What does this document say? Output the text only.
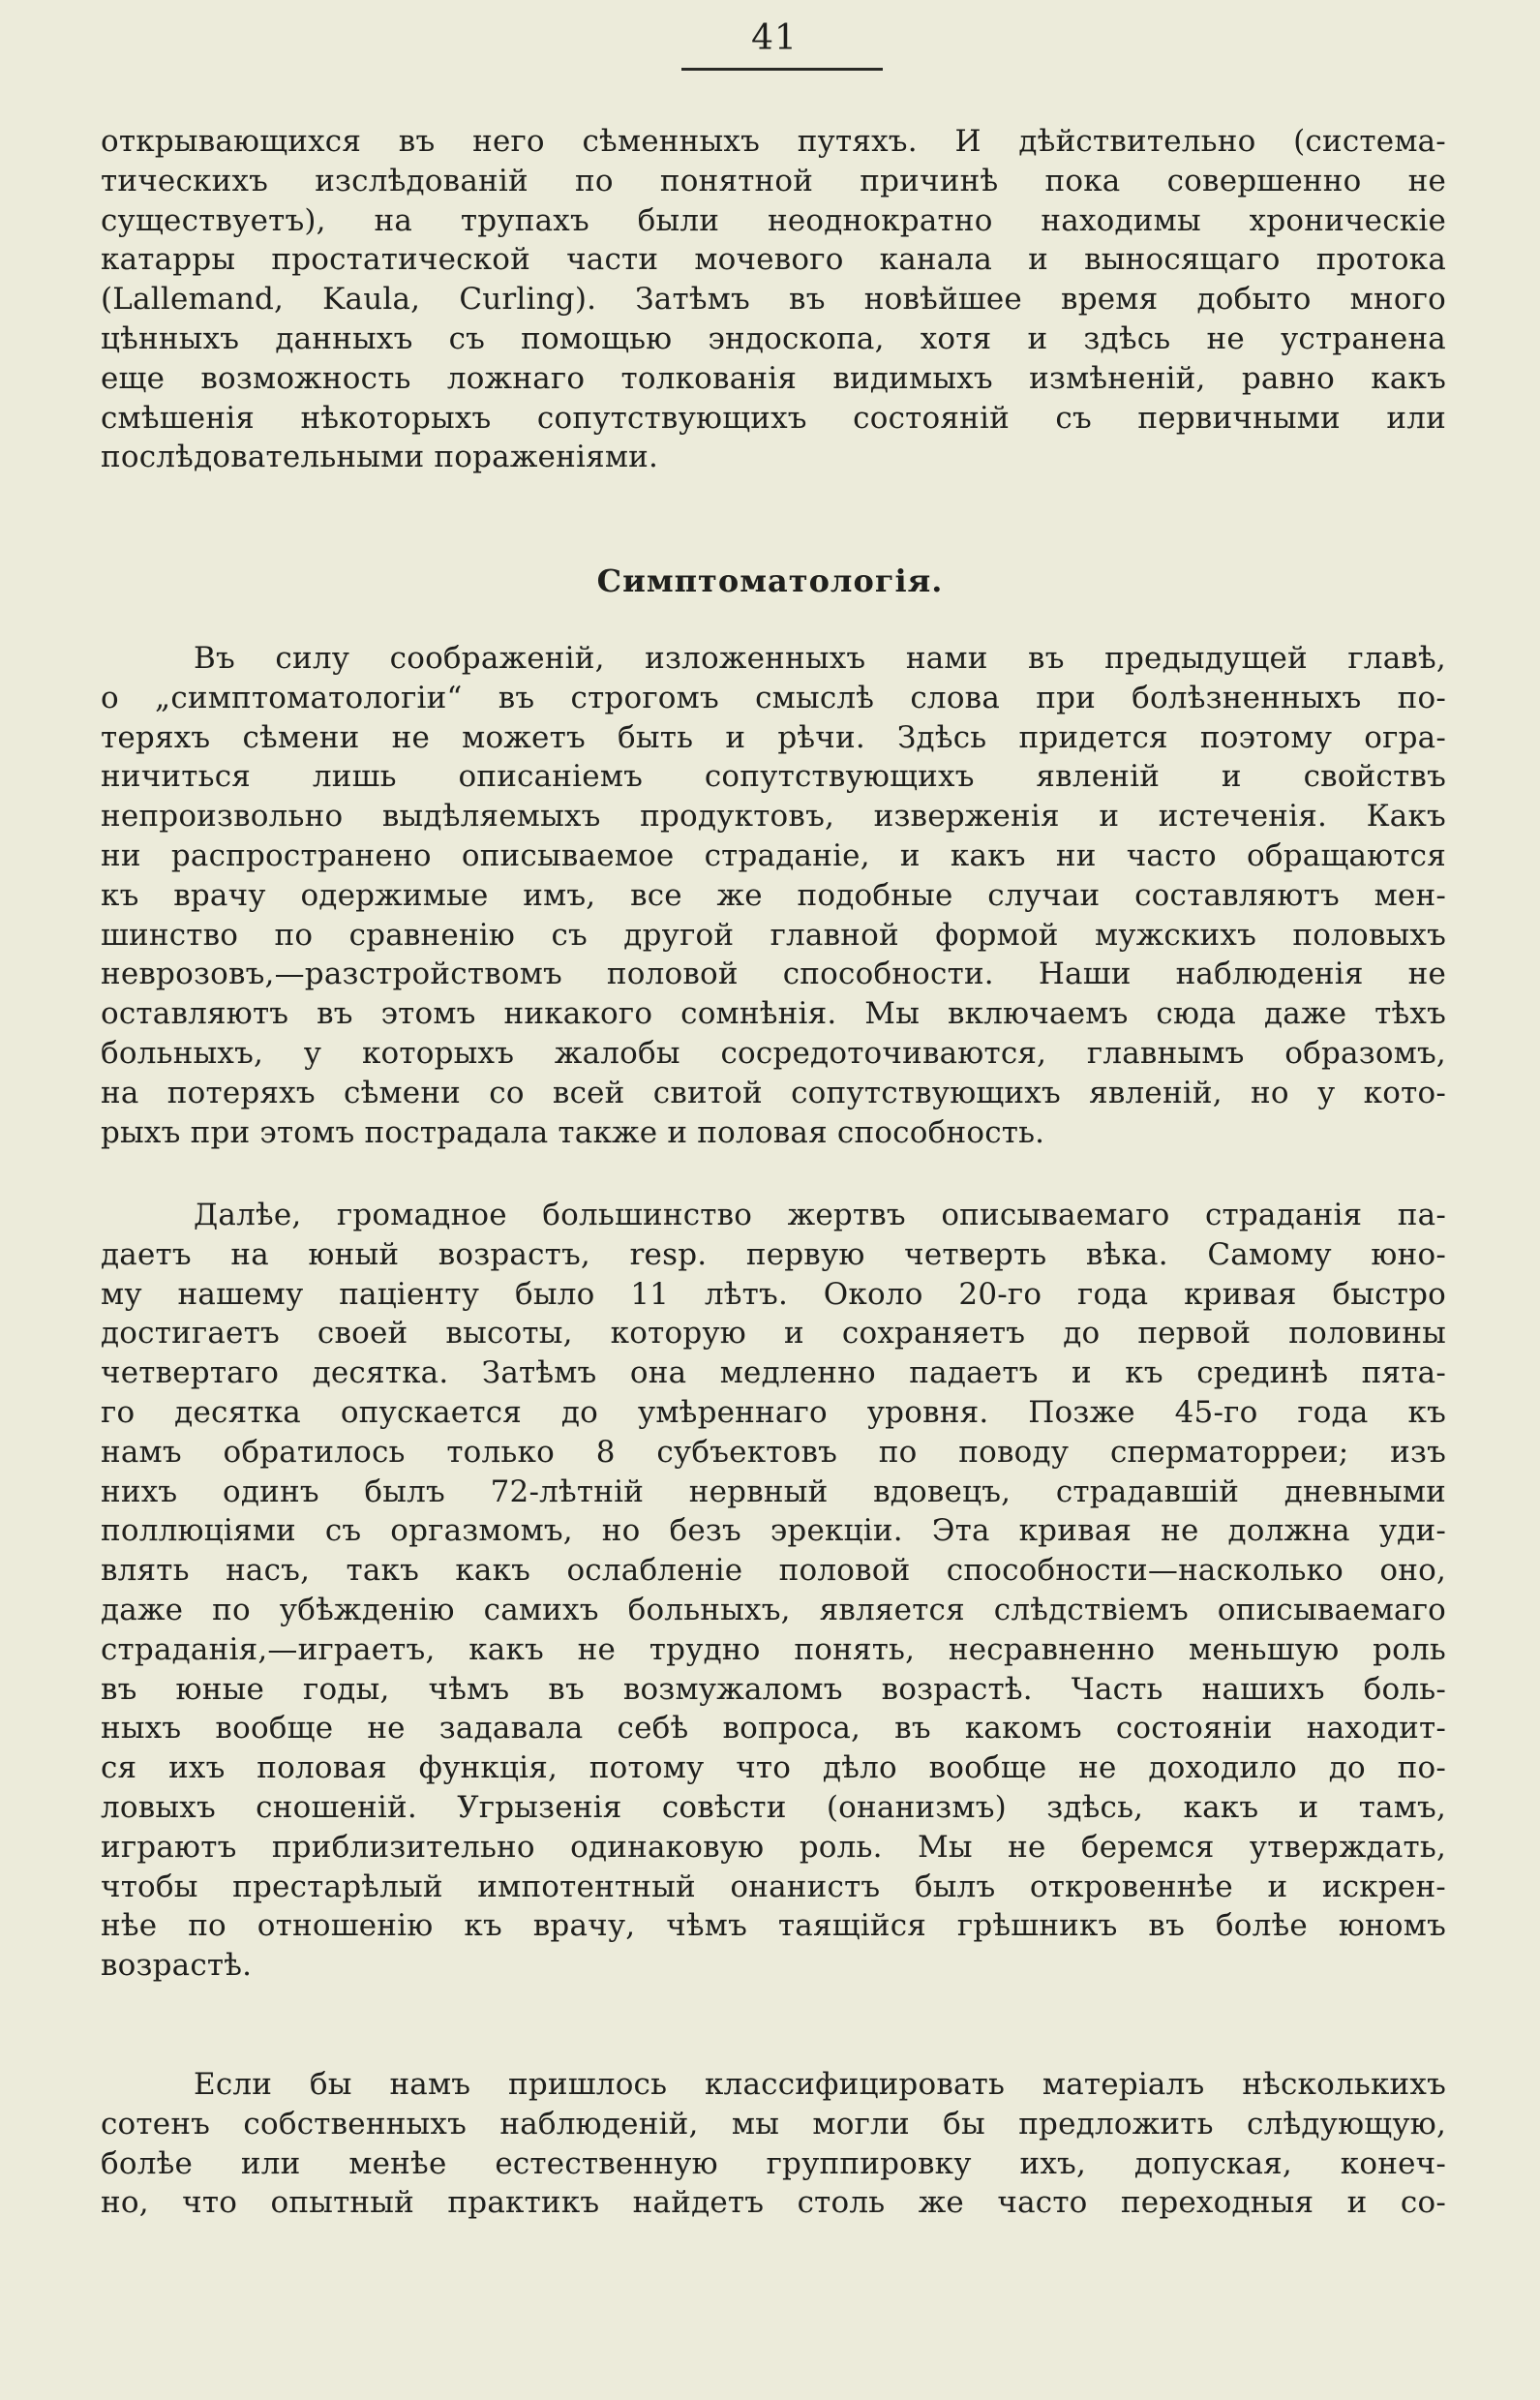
41
открывающихся въ него сѣменныхъ путяхъ. И дѣйствительно (система-
тическихъ изслѣдованій по понятной причинѣ пока совершенно не
существуетъ), на трупахъ были неоднократно находимы хроническіе
катарры простатической части мочевого канала и выносящаго протока
(Lallemand, Kaula, Curling). Затѣмъ въ новѣйшее время добыто много
цѣнныхъ данныхъ съ помощью эндоскопа, хотя и здѣсь не устранена
еще возможность ложнаго толкованія видимыхъ измѣненій, равно какъ
смѣшенія нѣкоторыхъ сопутствующихъ состояній съ первичными или
послѣдовательными пораженіями.
Симптоматологія.
Въ силу соображеній, изложенныхъ нами въ предыдущей главѣ,
о „симптоматологіи“ въ строгомъ смыслѣ слова при болѣзненныхъ по-
теряхъ сѣмени не можетъ быть и рѣчи. Здѣсь придется поэтому огра-
ничиться лишь описаніемъ сопутствующихъ явленій и свойствъ
непроизвольно выдѣляемыхъ продуктовъ, изверженія и истеченія. Какъ
ни распространено описываемое страданіе, и какъ ни часто обращаются
къ врачу одержимые имъ, все же подобные случаи составляютъ мен-
шинство по сравненію съ другой главной формой мужскихъ половыхъ
неврозовъ,—разстройствомъ половой способности. Наши наблюденія не
оставляютъ въ этомъ никакого сомнѣнія. Мы включаемъ сюда даже тѣхъ
больныхъ, у которыхъ жалобы сосредоточиваются, главнымъ образомъ,
на потеряхъ сѣмени со всей свитой сопутствующихъ явленій, но у кото-
рыхъ при этомъ пострадала также и половая способность.
Далѣе, громадное большинство жертвъ описываемаго страданія па-
даетъ на юный возрастъ, resp. первую четверть вѣка. Самому юно-
му нашему паціенту было 11 лѣтъ. Около 20-го года кривая быстро
достигаетъ своей высоты, которую и сохраняетъ до первой половины
четвертаго десятка. Затѣмъ она медленно падаетъ и къ срединѣ пята-
го десятка опускается до умѣреннаго уровня. Позже 45-го года къ
намъ обратилось только 8 субъектовъ по поводу сперматорреи; изъ
нихъ одинъ былъ 72-лѣтній нервный вдовецъ, страдавшій дневными
поллюціями съ оргазмомъ, но безъ эрекціи. Эта кривая не должна уди-
влять насъ, такъ какъ ослабленіе половой способности—насколько оно,
даже по убѣжденію самихъ больныхъ, является слѣдствіемъ описываемаго
страданія,—играетъ, какъ не трудно понять, несравненно меньшую роль
въ юные годы, чѣмъ въ возмужаломъ возрастѣ. Часть нашихъ боль-
ныхъ вообще не задавала себѣ вопроса, въ какомъ состояніи находит-
ся ихъ половая функція, потому что дѣло вообще не доходило до по-
ловыхъ сношеній. Угрызенія совѣсти (онанизмъ) здѣсь, какъ и тамъ,
играютъ приблизительно одинаковую роль. Мы не беремся утверждать,
чтобы престарѣлый импотентный онанистъ былъ откровеннѣе и искрен-
нѣе по отношенію къ врачу, чѣмъ таящійся грѣшникъ въ болѣе юномъ
возрастѣ.
Если бы намъ пришлось классифицировать матеріалъ нѣсколькихъ
сотенъ собственныхъ наблюденій, мы могли бы предложить слѣдующую,
болѣе или менѣе естественную группировку ихъ, допуская, конеч-
но, что опытный практикъ найдетъ столь же часто переходныя и со-
